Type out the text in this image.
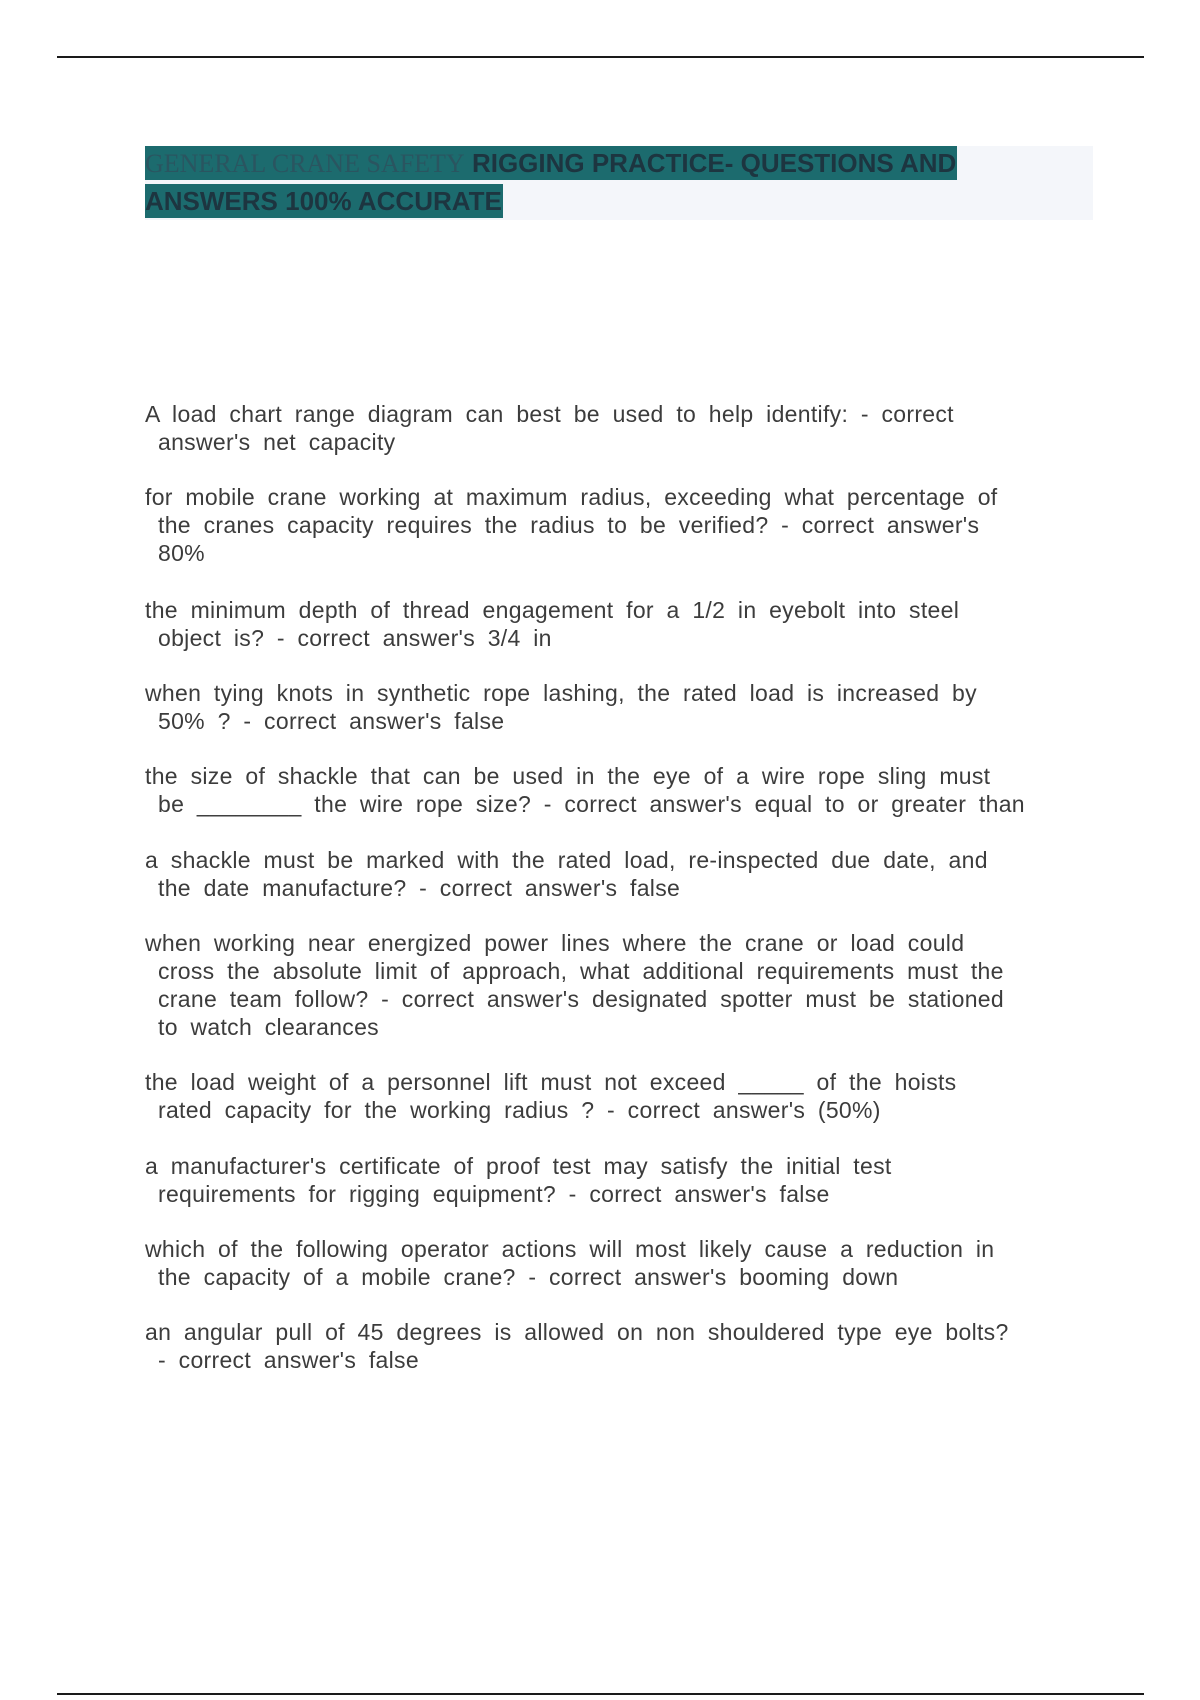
GENERAL CRANE SAFETY RIGGING PRACTICE- QUESTIONS AND
ANSWERS 100% ACCURATE
A load chart range diagram can best be used to help identify: - correct
answer's net capacity
for mobile crane working at maximum radius, exceeding what percentage of
the cranes capacity requires the radius to be verified? - correct answer's
80%
the minimum depth of thread engagement for a 1/2 in eyebolt into steel
object is? - correct answer's 3/4 in
when tying knots in synthetic rope lashing, the rated load is increased by
50% ? - correct answer's false
the size of shackle that can be used in the eye of a wire rope sling must
be ________ the wire rope size? - correct answer's equal to or greater than
a shackle must be marked with the rated load, re-inspected due date, and
the date manufacture? - correct answer's false
when working near energized power lines where the crane or load could
cross the absolute limit of approach, what additional requirements must the
crane team follow? - correct answer's designated spotter must be stationed
to watch clearances
the load weight of a personnel lift must not exceed _____ of the hoists
rated capacity for the working radius ? - correct answer's (50%)
a manufacturer's certificate of proof test may satisfy the initial test
requirements for rigging equipment? - correct answer's false
which of the following operator actions will most likely cause a reduction in
the capacity of a mobile crane? - correct answer's booming down
an angular pull of 45 degrees is allowed on non shouldered type eye bolts?
- correct answer's false
